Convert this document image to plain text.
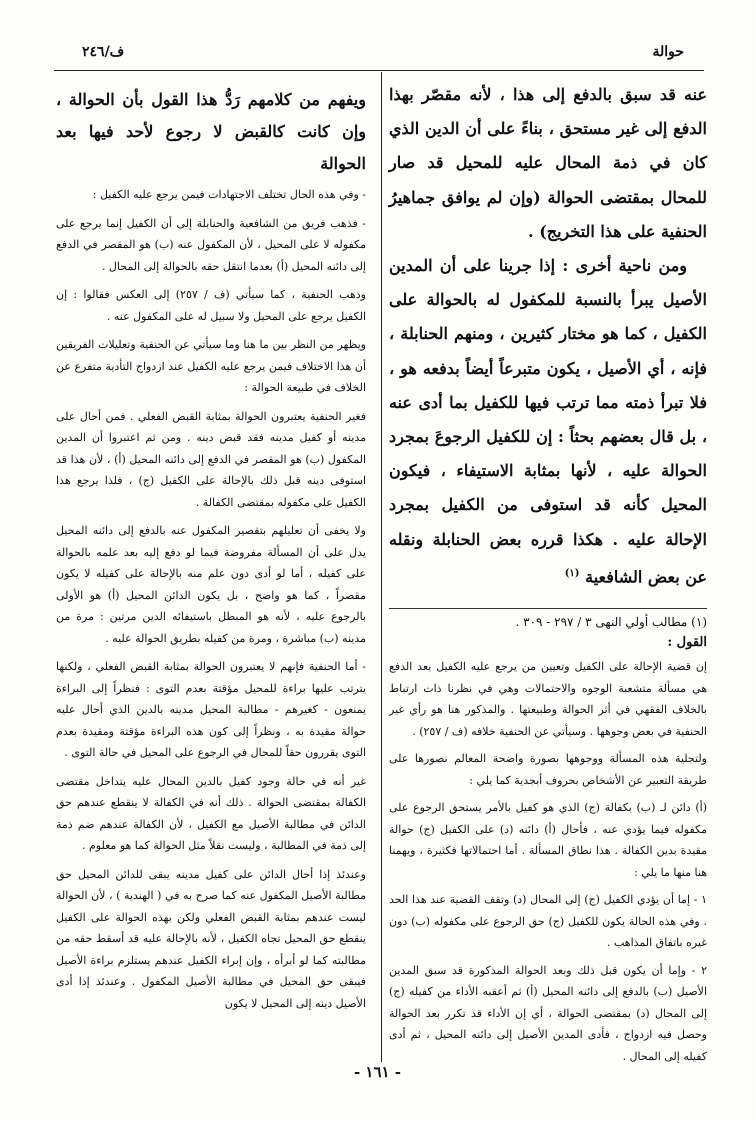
حوالة
ف/٢٤٦

عنه قد سبق بالدفع إلى هذا ، لأنه مقصّر بهذا الدفع إلى غير مستحق ، بناءً على أن الدين الذي كان في ذمة المحال عليه للمحيل قد صار للمحال بمقتضى الحوالة (وإن لم يوافق جماهيرُ الحنفية على هذا التخريج) .

ومن ناحية أخرى : إذا جرينا على أن المدين الأصيل يبرأ بالنسبة للمكفول له بالحوالة على الكفيل ، كما هو مختار كثيرين ، ومنهم الحنابلة ، فإنه ، أي الأصيل ، يكون متبرعاً أيضاً بدفعه هو ، فلا تبرأ ذمته مما ترتب فيها للكفيل بما أدى عنه ، بل قال بعضهم بحثاً : إن للكفيل الرجوعَ بمجرد الحوالة عليه ، لأنها بمثابة الاستيفاء ، فيكون المحيل كأنه قد استوفى من الكفيل بمجرد الإحالة عليه . هكذا قرره بعض الحنابلة ونقله عن بعض الشافعية $^{(١)}$

(١) مطالب أولي النهى ٣ / ٢٩٧ - ٣٠٩ .

القول :

إن قضية الإحالة على الكفيل وتعيين من يرجع عليه الكفيل بعد الدفع هي مسألة متشعبة الوجوه والاحتمالات وهي في نظرنا ذات ارتباط بالخلاف الفقهي في أثر الحوالة وطبيعتها . والمذكور هنا هو رأي غير الحنفية في بعض وجوهها . وسيأتي عن الحنفية خلافه (ف / ٢٥٧) .

ولتجلية هذه المسألة ووجوهها بصورة واضحة المعالم نصورها على طريقة التعبير عن الأشخاص بحروف أبجدية كما يلي :

(أ) دائن لـ (ب) بكفالة (ج) الذي هو كفيل بالأمر يستحق الرجوع على مكفوله فيما يؤدي عنه ، فأحال (أ) دائنه (د) على الكفيل (ج) حوالة مقيدة بدين الكفالة . هذا نطاق المسألة . أما احتمالاتها فكثيرة ، ويهمنا هنا منها ما يلي :

١ - إما أن يؤدي الكفيل (ج) إلى المحال (د) وتقف القضية عند هذا الحد . وفي هذه الحالة يكون للكفيل (ج) حق الرجوع على مكفوله (ب) دون غيره باتفاق المذاهب .

٢ - وإما أن يكون قبل ذلك وبعد الحوالة المذكورة قد سبق المدين الأصيل (ب) بالدفع إلى دائنه المحيل (أ) ثم أعقبه الأداء من كفيله (ج) إلى المحال (د) بمقتضى الحوالة ، أي إن الأداء قد تكرر بعد الحوالة وحصل فيه ازدواج ، فأدى المدين الأصيل إلى دائنه المحيل ، ثم أدى كفيله إلى المحال .

ويفهم من كلامهم رَدُّ هذا القول بأن الحوالة ، وإن كانت كالقبض لا رجوع لأحد فيها بعد الحوالة

- وفي هذه الحال تختلف الاجتهادات فيمن يرجع عليه الكفيل :

- فذهب فريق من الشافعية والحنابلة إلى أن الكفيل إنما يرجع على مكفوله لا على المحيل ، لأن المكفول عنه (ب) هو المقصر في الدفع إلى دائنه المحيل (أ) بعدما انتقل حقه بالحوالة إلى المحال .

وذهب الحنفية ، كما سيأتي (ف / ٢٥٧) إلى العكس فقالوا : إن الكفيل يرجع على المحيل ولا سبيل له على المكفول عنه .

ويظهر من النظر بين ما هنا وما سيأتي عن الحنفية وتعليلات الفريقين أن هذا الاختلاف فيمن يرجع عليه الكفيل عند ازدواج التأدية متفرع عن الخلاف في طبيعة الحوالة :

فغير الحنفية يعتبرون الحوالة بمثابة القبض الفعلي . فمن أحال على مدينه أو كفيل مدينه فقد قبض دينه . ومن ثم اعتبروا أن المدين المكفول (ب) هو المقصر في الدفع إلى دائنه المحيل (أ) ، لأن هذا قد استوفى دينه قبل ذلك بالإحالة على الكفيل (ج) ، فلذا يرجع هذا الكفيل على مكفوله بمقتضى الكفالة .

ولا يخفى أن تعليلهم بتقصير المكفول عنه بالدفع إلى دائنه المحيل يدل على أن المسألة مفروضة فيما لو دفع إليه بعد علمه بالحوالة على كفيله ، أما لو أدى دون علم منه بالإحالة على كفيله لا يكون مقصراً ، كما هو واضح ، بل يكون الدائن المحيل (أ) هو الأولى بالرجوع عليه ، لأنه هو المبطل باستيفائه الدين مرتين : مرة من مدينه (ب) مباشرة ، ومرة من كفيله بطريق الحوالة عليه .

- أما الحنفية فإنهم لا يعتبرون الحوالة بمثابة القبض الفعلي ، ولكنها يترتب عليها براءة للمحيل مؤقتة بعدم التوى : فنظراً إلى البراءة يمنعون - كغيرهم - مطالبة المحيل مدينه بالدين الذي أحال عليه حوالة مقيدة به ، ونظراً إلى كون هذه البراءة مؤقتة ومقيدة بعدم التوى يقررون حقاً للمحال في الرجوع على المحيل في حالة التوى .

غير أنه في حالة وجود كفيل بالدين المحال عليه يتداخل مقتضى الكفالة بمقتضى الحوالة . ذلك أنه في الكفالة لا ينقطع عندهم حق الدائن في مطالبة الأصيل مع الكفيل ، لأن الكفالة عندهم ضم ذمة إلى ذمة في المطالبة ، وليست نقلاً مثل الحوالة كما هو معلوم .

وعندئذ إذا أحال الدائن على كفيل مدينه يبقى للدائن المحيل حق مطالبة الأصيل المكفول عنه كما صرح به في ( الهندية ) ، لأن الحوالة ليست عندهم بمثابة القبض الفعلي ولكن بهذه الحوالة على الكفيل ينقطع حق المحيل تجاه الكفيل ، لأنه بالإحالة عليه قد أسقط حقه من مطالبته كما لو أبرأه ، وإن إبراء الكفيل عندهم يستلزم براءة الأصيل فيبقى حق المحيل في مطالبة الأصيل المكفول . وعندئذ إذا أدى الأصيل دينه إلى المحيل لا يكون

- ١٦١ -
